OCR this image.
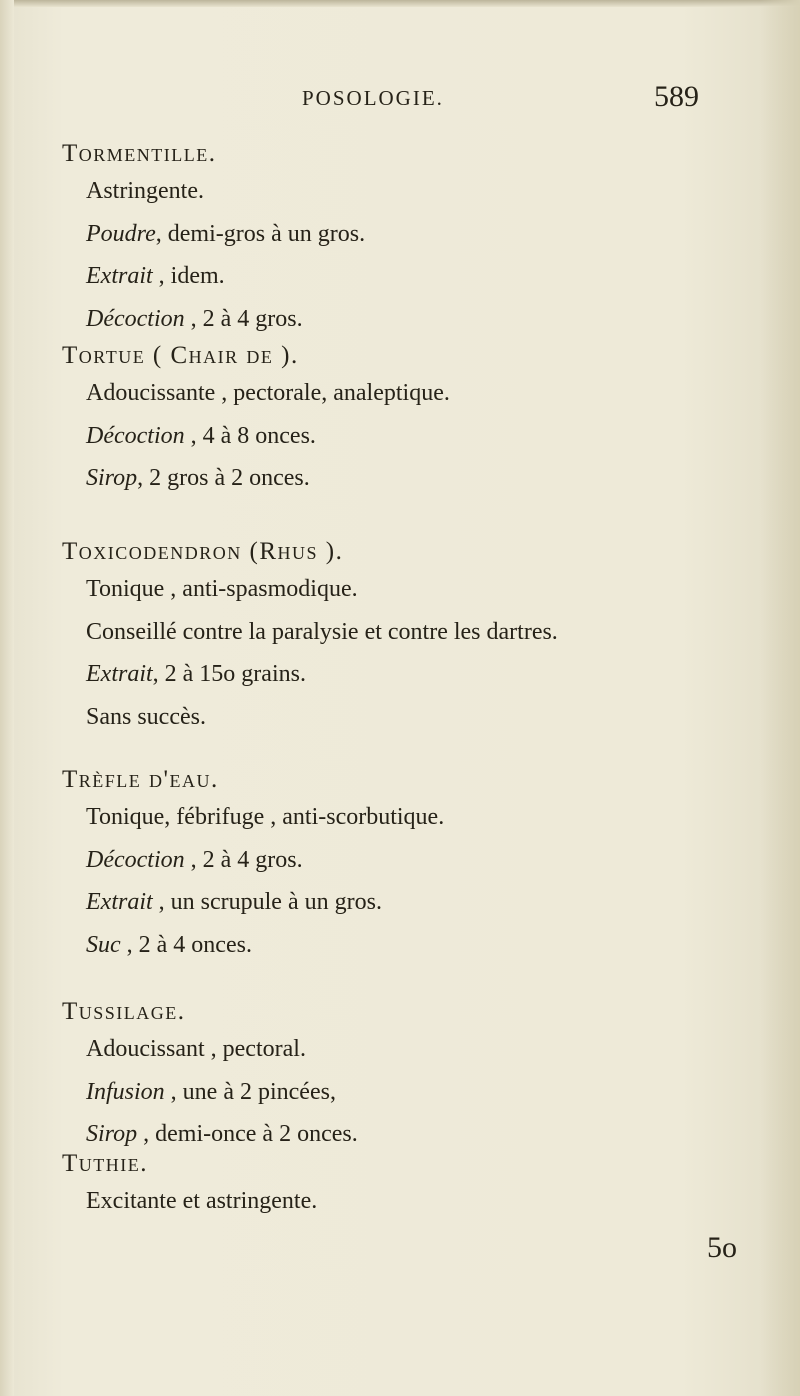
POSOLOGIE.	589
Tormentille.
Astringente.
Poudre, demi-gros à un gros.
Extrait , idem.
Décoction , 2 à 4 gros.
Tortue ( Chair de ).
Adoucissante , pectorale, analeptique.
Décoction , 4 à 8 onces.
Sirop, 2 gros à 2 onces.
Toxicodendron (Rhus ).
Tonique , anti-spasmodique.
Conseillé contre la paralysie et contre les dartres.
Extrait, 2 à 15o grains.
Sans succès.
Trèfle d'eau.
Tonique, fébrifuge , anti-scorbutique.
Décoction , 2 à 4 gros.
Extrait , un scrupule à un gros.
Suc , 2 à 4 onces.
Tussilage.
Adoucissant , pectoral.
Infusion , une à 2 pincées,
Sirop , demi-once à 2 onces.
Tuthie.
Excitante et astringente.
5o
